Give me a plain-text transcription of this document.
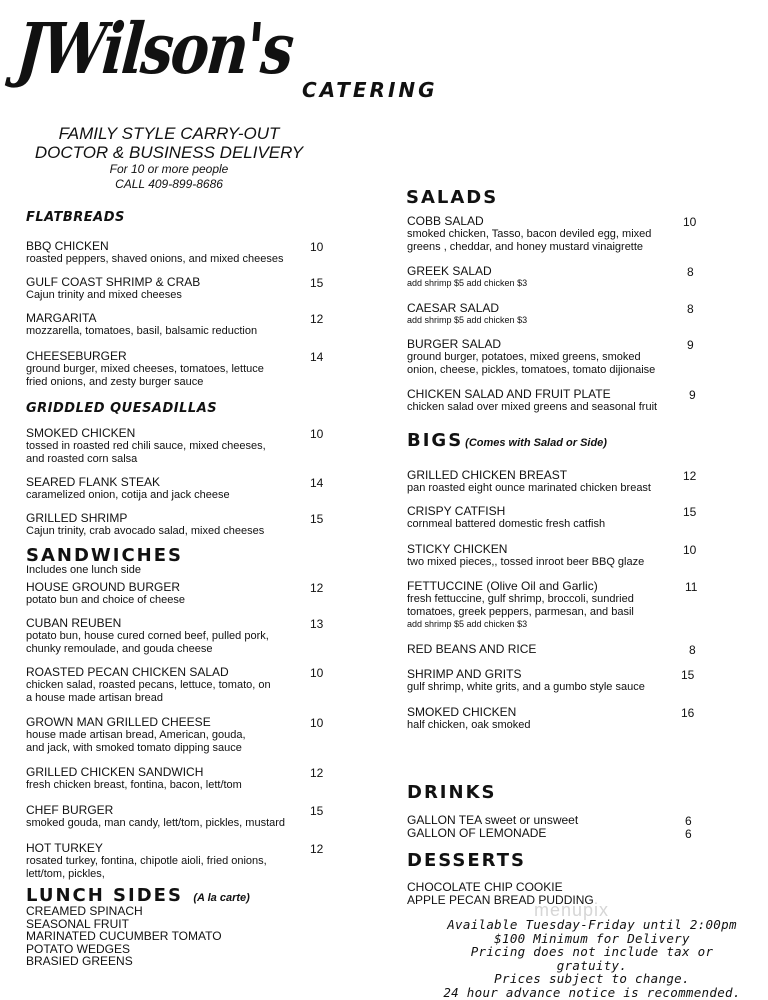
JWilson's CATERING
FAMILY STYLE CARRY-OUT
DOCTOR & BUSINESS DELIVERY
For 10 or more people
CALL 409-899-8686
FLATBREADS
BBQ CHICKEN
roasted peppers, shaved onions, and mixed cheeses
10
GULF COAST SHRIMP & CRAB
Cajun trinity and mixed cheeses
15
MARGARITA
mozzarella, tomatoes, basil, balsamic reduction
12
CHEESEBURGER
ground burger, mixed cheeses, tomatoes, lettuce
fried onions, and zesty burger sauce
14
GRIDDLED QUESADILLAS
SMOKED CHICKEN
tossed in roasted red chili sauce, mixed cheeses,
and roasted corn salsa
10
SEARED FLANK STEAK
caramelized onion, cotija and jack cheese
14
GRILLED SHRIMP
Cajun trinity, crab avocado salad, mixed cheeses
15
SANDWICHES
Includes one lunch side
HOUSE GROUND BURGER
potato bun and choice of cheese
12
CUBAN REUBEN
potato bun, house cured corned beef, pulled pork,
chunky remoulade, and gouda cheese
13
ROASTED PECAN CHICKEN SALAD
chicken salad, roasted pecans, lettuce, tomato, on
a house made artisan bread
10
GROWN MAN GRILLED CHEESE
house made artisan bread, American, gouda,
and jack, with smoked tomato dipping sauce
10
GRILLED CHICKEN SANDWICH
fresh chicken breast, fontina, bacon, lett/tom
12
CHEF BURGER
smoked gouda, man candy, lett/tom, pickles, mustard
15
HOT TURKEY
rosated turkey, fontina, chipotle aioli, fried onions,
lett/tom, pickles,
12
LUNCH SIDES (A la carte)
CREAMED SPINACH
SEASONAL FRUIT
MARINATED CUCUMBER TOMATO
POTATO WEDGES
BRASIED GREENS
SALADS
COBB SALAD
smoked chicken, Tasso, bacon deviled egg, mixed
greens , cheddar, and honey mustard vinaigrette
10
GREEK SALAD
add shrimp $5 add chicken $3
8
CAESAR SALAD
add shrimp $5 add chicken $3
8
BURGER SALAD
ground burger, potatoes, mixed greens, smoked
onion, cheese, pickles, tomatoes, tomato dijionaise
9
CHICKEN SALAD AND FRUIT PLATE
chicken salad over mixed greens and seasonal fruit
9
BIGS (Comes with Salad or Side)
GRILLED CHICKEN BREAST
pan roasted eight ounce marinated chicken breast
12
CRISPY CATFISH
cornmeal battered domestic fresh catfish
15
STICKY CHICKEN
two mixed pieces,, tossed inroot beer BBQ glaze
10
FETTUCCINE (Olive Oil and Garlic)
fresh fettuccine, gulf shrimp, broccoli, sundried
tomatoes, greek peppers, parmesan, and basil
add shrimp $5 add chicken $3
11
RED BEANS AND RICE	8
SHRIMP AND GRITS
gulf shrimp, white grits, and a gumbo style sauce
15
SMOKED CHICKEN
half chicken, oak smoked
16
DRINKS
GALLON TEA sweet or unsweet	6
GALLON OF LEMONADE	6
DESSERTS
CHOCOLATE CHIP COOKIE
APPLE PECAN BREAD PUDDING
menupix
Available Tuesday-Friday until 2:00pm
$100 Minimum for Delivery
Pricing does not include tax or gratuity.
Prices subject to change.
24 hour advance notice is recommended.
